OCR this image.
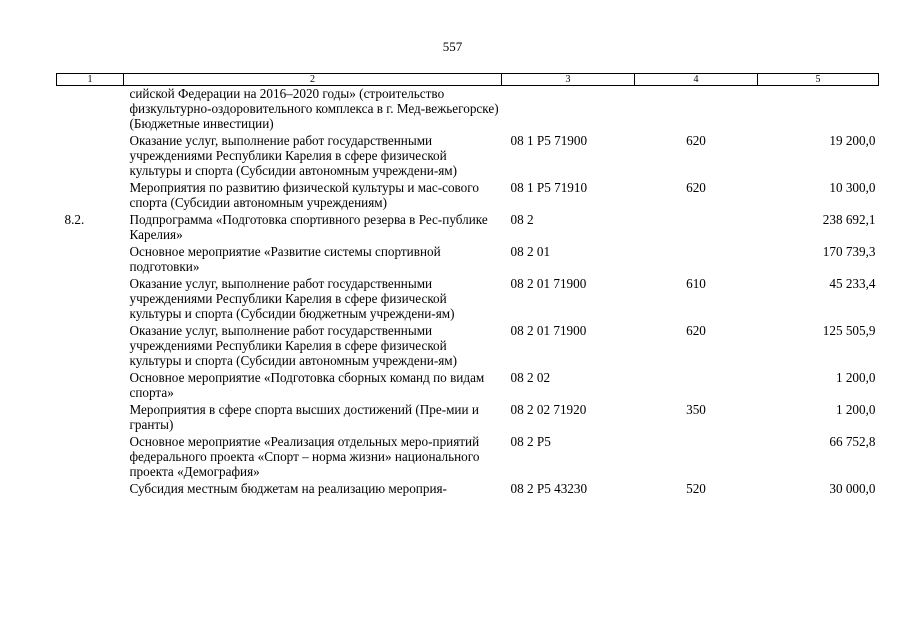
557
1	2	3	4	5
	сийской Федерации на 2016–2020 годы» (строительство физкультурно-оздоровительного комплекса в г. Мед-вежьегорске) (Бюджетные инвестиции)			
	Оказание услуг, выполнение работ государственными учреждениями Республики Карелия в сфере физической культуры и спорта (Субсидии автономным учреждени-ям)	08 1 P5 71900	620	19 200,0
	Мероприятия по развитию физической культуры и мас-сового спорта (Субсидии автономным учреждениям)	08 1 P5 71910	620	10 300,0
8.2.	Подпрограмма «Подготовка спортивного резерва в Рес-публике Карелия»	08 2		238 692,1
	Основное мероприятие «Развитие системы спортивной подготовки»	08 2 01		170 739,3
	Оказание услуг, выполнение работ государственными учреждениями Республики Карелия в сфере физической культуры и спорта (Субсидии бюджетным учреждени-ям)	08 2 01 71900	610	45 233,4
	Оказание услуг, выполнение работ государственными учреждениями Республики Карелия в сфере физической культуры и спорта (Субсидии автономным учреждени-ям)	08 2 01 71900	620	125 505,9
	Основное мероприятие «Подготовка сборных команд по видам спорта»	08 2 02		1 200,0
	Мероприятия в сфере спорта высших достижений (Пре-мии и гранты)	08 2 02 71920	350	1 200,0
	Основное мероприятие «Реализация отдельных меро-приятий федерального проекта «Спорт – норма жизни» национального проекта «Демография»	08 2 P5		66 752,8
	Субсидия местным бюджетам на реализацию мероприя-	08 2 P5 43230	520	30 000,0
